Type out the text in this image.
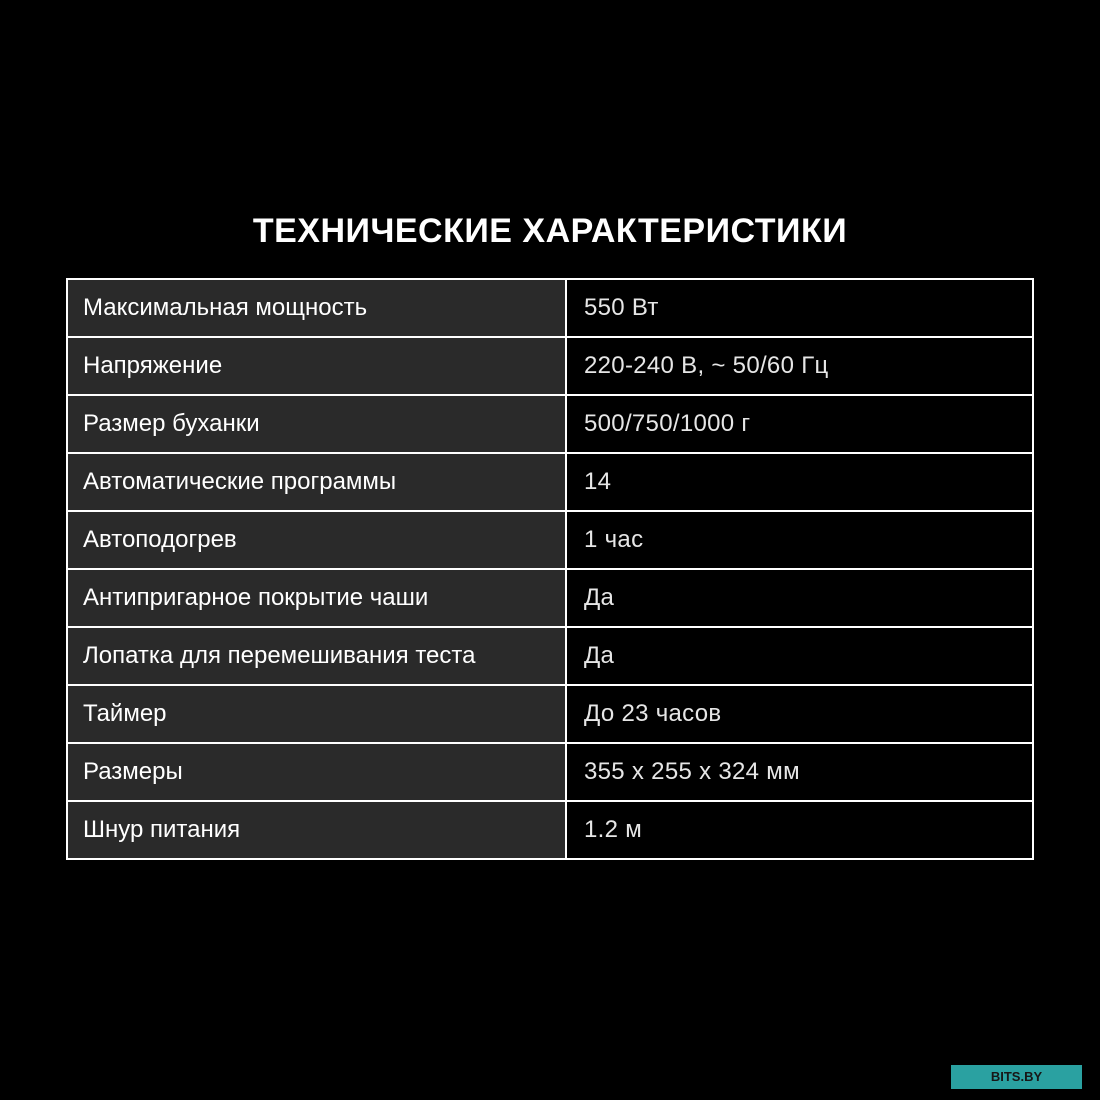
ТЕХНИЧЕСКИЕ ХАРАКТЕРИСТИКИ
Максимальная мощность	550 Вт
Напряжение	220-240 В, ~ 50/60 Гц
Размер буханки	500/750/1000 г
Автоматические программы	14
Автоподогрев	1 час
Антипригарное покрытие чаши	Да
Лопатка для перемешивания теста	Да
Таймер	До 23 часов
Размеры	355 x 255 x 324 мм
Шнур питания	1.2 м
BITS.BY
